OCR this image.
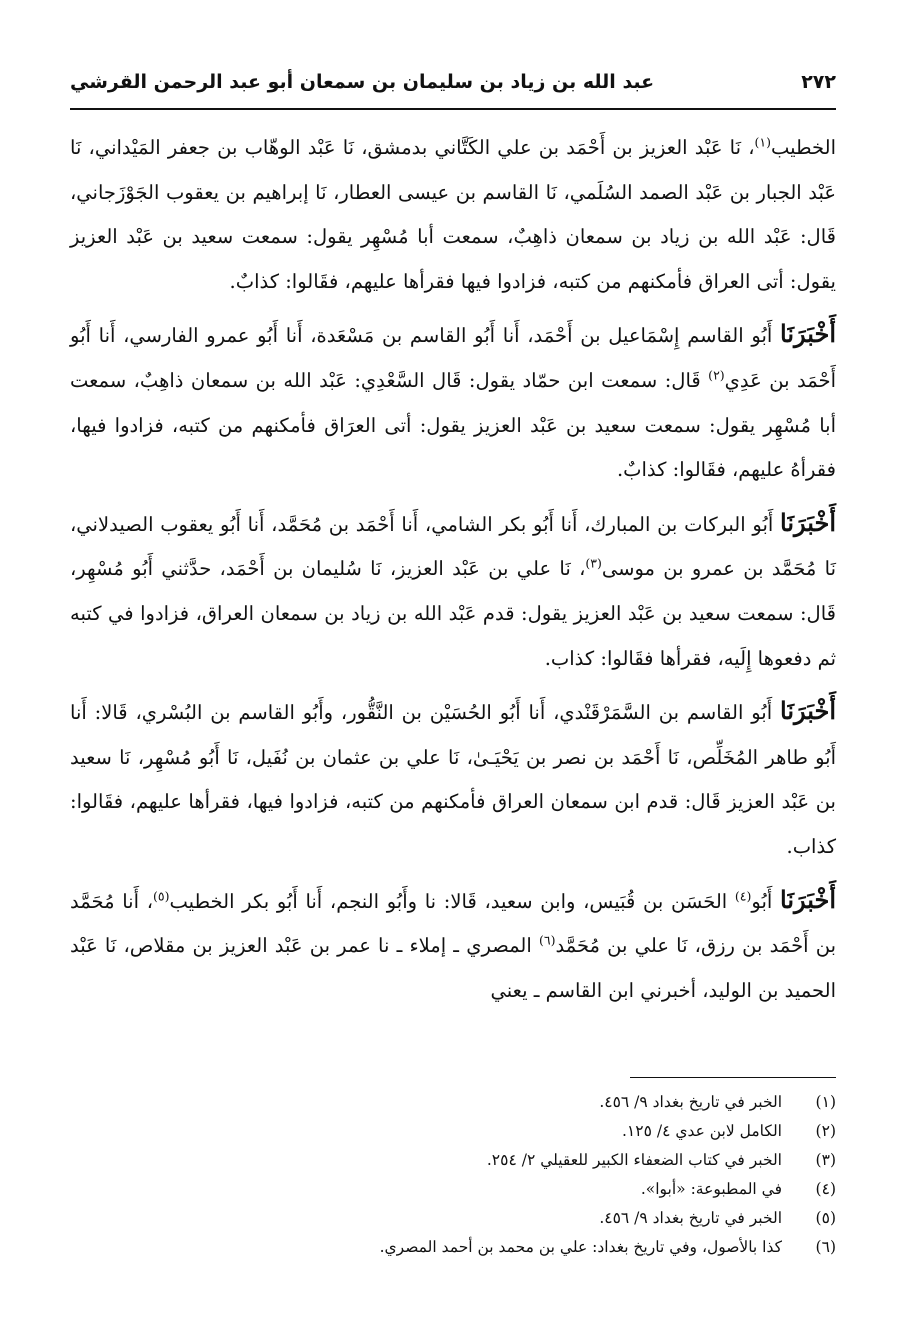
٢٧٢
عبد الله بن زياد بن سليمان بن سمعان أبو عبد الرحمن القرشي

الخطيب$^{(١)}$، نَا عَبْد العزيز بن أَحْمَد بن علي الكَتَّاني بدمشق، نَا عَبْد الوهّاب بن جعفر المَيْداني، نَا عَبْد الجبار بن عَبْد الصمد السُلَمي، نَا القاسم بن عيسى العطار، نَا إبراهيم بن يعقوب الجَوْزَجاني، قَال: عَبْد الله بن زياد بن سمعان ذاهِبٌ، سمعت أبا مُسْهِر يقول: سمعت سعيد بن عَبْد العزيز يقول: أتى العراق فأمكنهم من كتبه، فزادوا فيها فقرأها عليهم، فقَالوا: كذابٌ.

أَخْبَرَنَا أَبُو القاسم إِسْمَاعيل بن أَحْمَد، أَنا أَبُو القاسم بن مَسْعَدة، أَنا أَبُو عمرو الفارسي، أَنا أَبُو أَحْمَد بن عَدِي$^{(٢)}$ قَال: سمعت ابن حمّاد يقول: قَال السَّعْدِي: عَبْد الله بن سمعان ذاهِبٌ، سمعت أبا مُسْهِر يقول: سمعت سعيد بن عَبْد العزيز يقول: أتى العرَاق فأمكنهم من كتبه، فزادوا فيها، فقرأهُ عليهم، فقَالوا: كذابٌ.

أَخْبَرَنَا أَبُو البركات بن المبارك، أَنا أَبُو بكر الشامي، أَنا أَحْمَد بن مُحَمَّد، أَنا أَبُو يعقوب الصيدلاني، نَا مُحَمَّد بن عمرو بن موسى$^{(٣)}$، نَا علي بن عَبْد العزيز، نَا سُليمان بن أَحْمَد، حدَّثني أَبُو مُسْهِر، قَال: سمعت سعيد بن عَبْد العزيز يقول: قدم عَبْد الله بن زياد بن سمعان العراق، فزادوا في كتبه ثم دفعوها إِلَيه، فقرأها فقَالوا: كذاب.

أَخْبَرَنَا أَبُو القاسم بن السَّمَرْقَنْدي، أَنا أَبُو الحُسَيْن بن النَّقُّور، وأَبُو القاسم بن البُسْري، قَالا: أَنا أَبُو طاهر المُخَلِّص، نَا أَحْمَد بن نصر بن يَحْيَـىٰ، نَا علي بن عثمان بن نُفَيل، نَا أَبُو مُسْهِر، نَا سعيد بن عَبْد العزيز قَال: قدم ابن سمعان العراق فأمكنهم من كتبه، فزادوا فيها، فقرأها عليهم، فقَالوا: كذاب.

أَخْبَرَنَا أَبُو$^{(٤)}$ الحَسَن بن قُبَيس، وابن سعيد، قَالا: نا وأَبُو النجم، أَنا أَبُو بكر الخطيب$^{(٥)}$، أَنا مُحَمَّد بن أَحْمَد بن رزق، نَا علي بن مُحَمَّد$^{(٦)}$ المصري ـ إملاء ـ نا عمر بن عَبْد العزيز بن مقلاص، نَا عَبْد الحميد بن الوليد، أخبرني ابن القاسم ـ يعني

(١)
الخبر في تاريخ بغداد ٩/ ٤٥٦.
(٢)
الكامل لابن عدي ٤/ ١٢٥.
(٣)
الخبر في كتاب الضعفاء الكبير للعقيلي ٢/ ٢٥٤.
(٤)
في المطبوعة: «أبوا».
(٥)
الخبر في تاريخ بغداد ٩/ ٤٥٦.
(٦)
كذا بالأصول، وفي تاريخ بغداد: علي بن محمد بن أحمد المصري.
